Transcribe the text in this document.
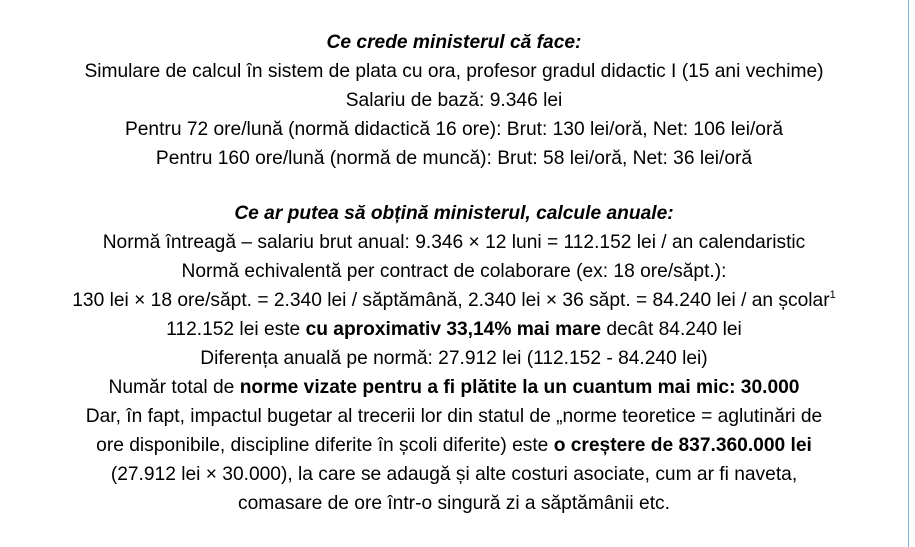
Ce crede ministerul că face:
Simulare de calcul în sistem de plata cu ora, profesor gradul didactic I (15 ani vechime)
Salariu de bază: 9.346 lei
Pentru 72 ore/lună (normă didactică 16 ore): Brut: 130 lei/oră, Net: 106 lei/oră
Pentru 160 ore/lună (normă de muncă): Brut: 58 lei/oră, Net: 36 lei/oră
Ce ar putea să obțină ministerul, calcule anuale:
Normă întreagă – salariu brut anual: 9.346 × 12 luni = 112.152 lei / an calendaristic
Normă echivalentă per contract de colaborare (ex: 18 ore/săpt.):
130 lei × 18 ore/săpt. = 2.340 lei / săptămână, 2.340 lei × 36 săpt. = 84.240 lei / an școlar$^1$
112.152 lei este cu aproximativ 33,14% mai mare decât 84.240 lei
Diferența anuală pe normă: 27.912 lei (112.152 - 84.240 lei)
Număr total de norme vizate pentru a fi plătite la un cuantum mai mic: 30.000
Dar, în fapt, impactul bugetar al trecerii lor din statul de „norme teoretice = aglutinări de
ore disponibile, discipline diferite în școli diferite) este o creștere de 837.360.000 lei
(27.912 lei × 30.000), la care se adaugă și alte costuri asociate, cum ar fi naveta,
comasare de ore într-o singură zi a săptămânii etc.
